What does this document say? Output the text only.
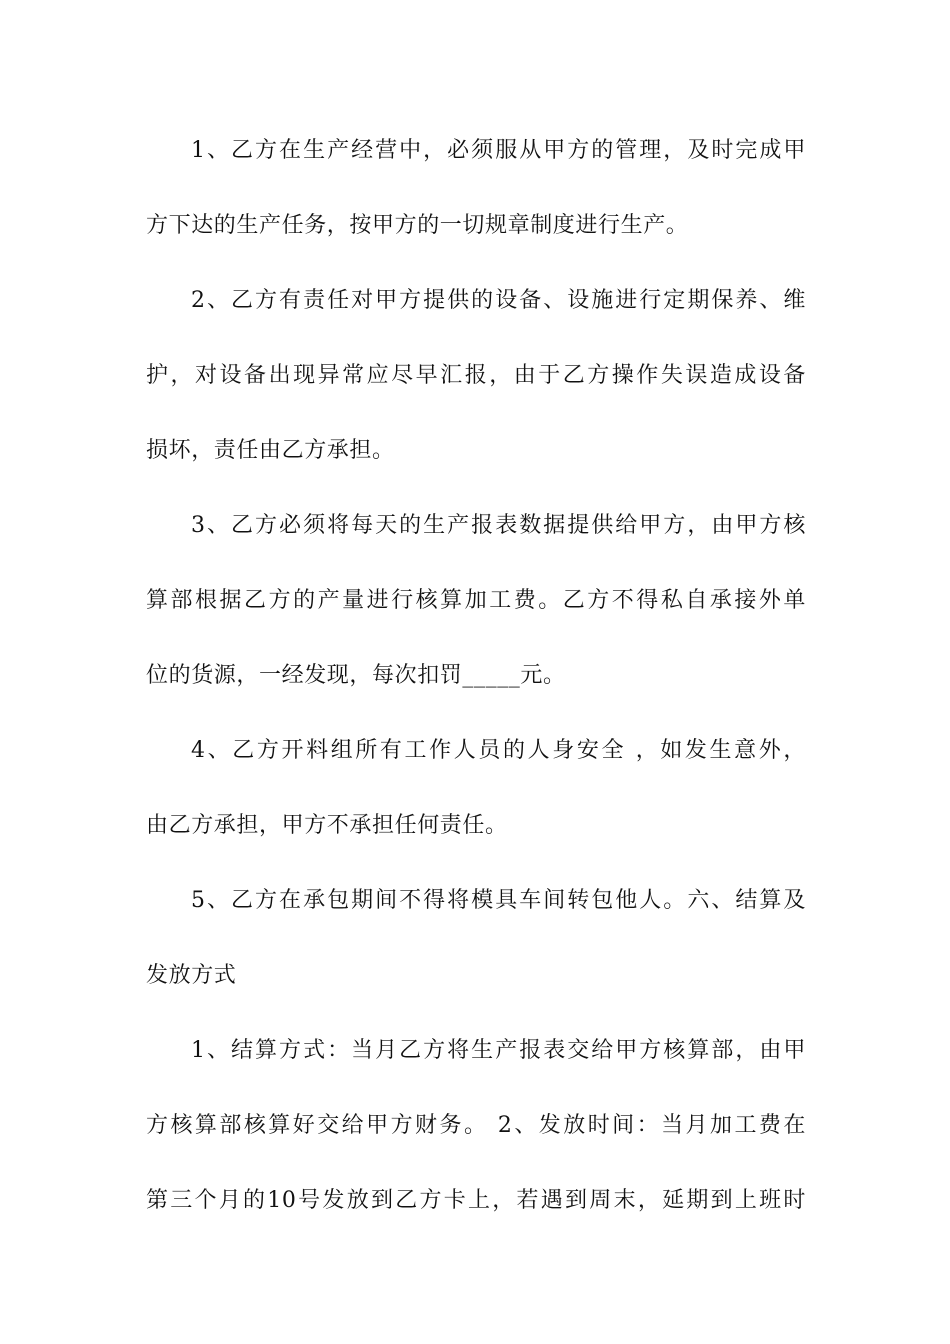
1、乙方在生产经营中，必须服从甲方的管理，及时完成甲
方下达的生产任务，按甲方的一切规章制度进行生产。
2、乙方有责任对甲方提供的设备、设施进行定期保养、维
护，对设备出现异常应尽早汇报，由于乙方操作失误造成设备
损坏，责任由乙方承担。
3、乙方必须将每天的生产报表数据提供给甲方，由甲方核
算部根据乙方的产量进行核算加工费。乙方不得私自承接外单
位的货源，一经发现，每次扣罚_____元。
4、乙方开料组所有工作人员的人身安全 ，如发生意外，
由乙方承担，甲方不承担任何责任。
5、乙方在承包期间不得将模具车间转包他人。六、结算及
发放方式
1、结算方式：当月乙方将生产报表交给甲方核算部，由甲
方核算部核算好交给甲方财务。 2、发放时间：当月加工费在
第三个月的10号发放到乙方卡上，若遇到周末，延期到上班时
